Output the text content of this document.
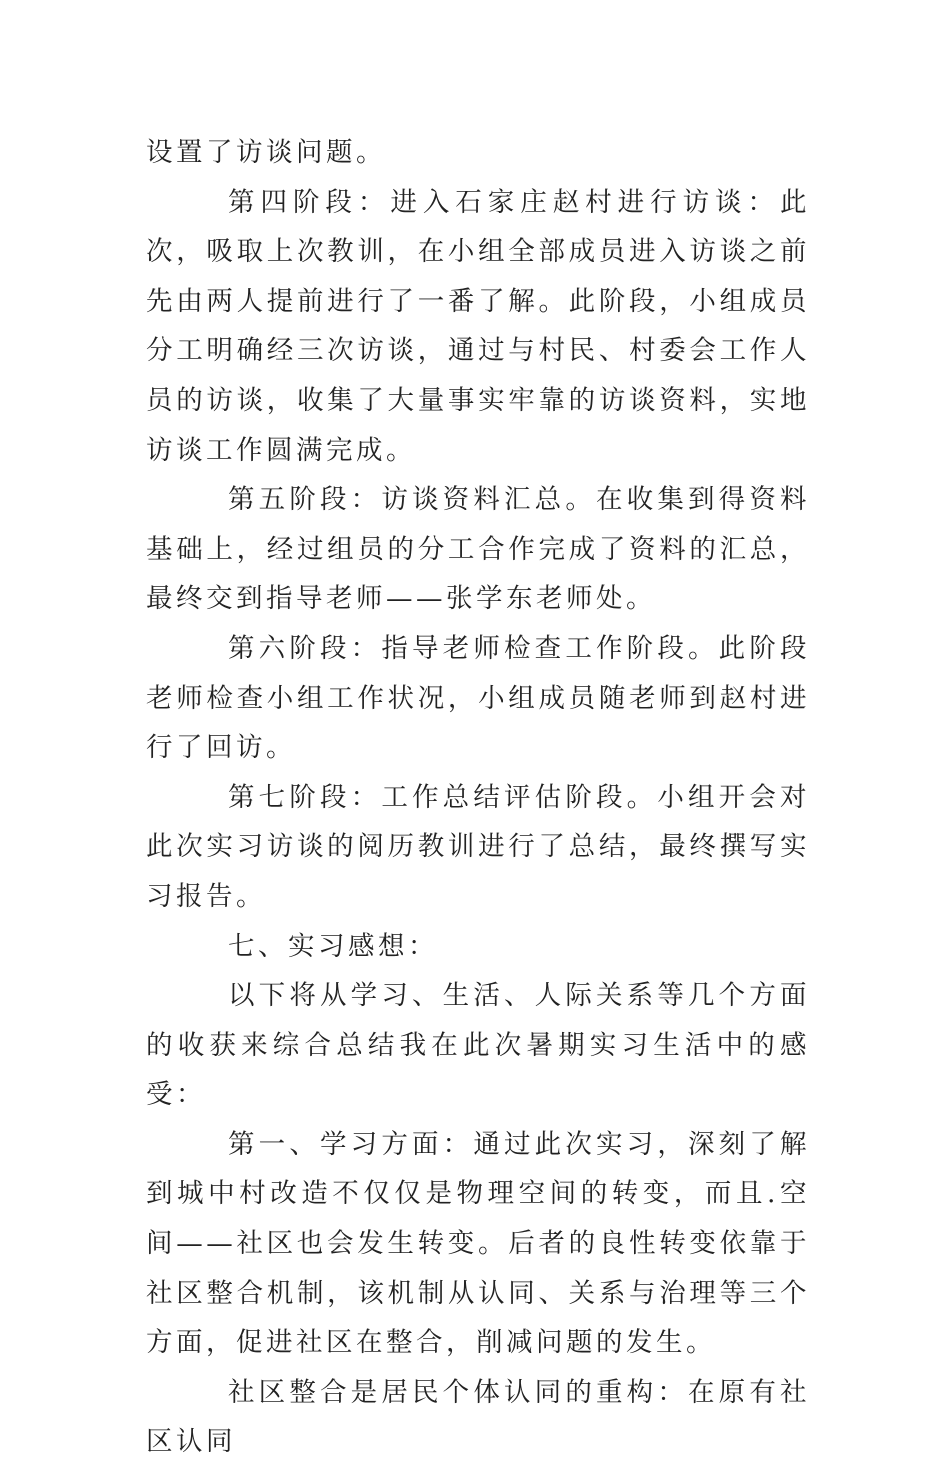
设置了访谈问题。

第四阶段：进入石家庄赵村进行访谈：此次，吸取上次教训，在小组全部成员进入访谈之前先由两人提前进行了一番了解。此阶段，小组成员分工明确经三次访谈，通过与村民、村委会工作人员的访谈，收集了大量事实牢靠的访谈资料，实地访谈工作圆满完成。

第五阶段：访谈资料汇总。在收集到得资料基础上，经过组员的分工合作完成了资料的汇总，最终交到指导老师——张学东老师处。

第六阶段：指导老师检查工作阶段。此阶段老师检查小组工作状况，小组成员随老师到赵村进行了回访。

第七阶段：工作总结评估阶段。小组开会对此次实习访谈的阅历教训进行了总结，最终撰写实习报告。

七、实习感想：

以下将从学习、生活、人际关系等几个方面的收获来综合总结我在此次暑期实习生活中的感受：

第一、学习方面：通过此次实习，深刻了解到城中村改造不仅仅是物理空间的转变，而且.空间——社区也会发生转变。后者的良性转变依靠于社区整合机制，该机制从认同、关系与治理等三个方面，促进社区在整合，削减问题的发生。

社区整合是居民个体认同的重构：在原有社区认同
